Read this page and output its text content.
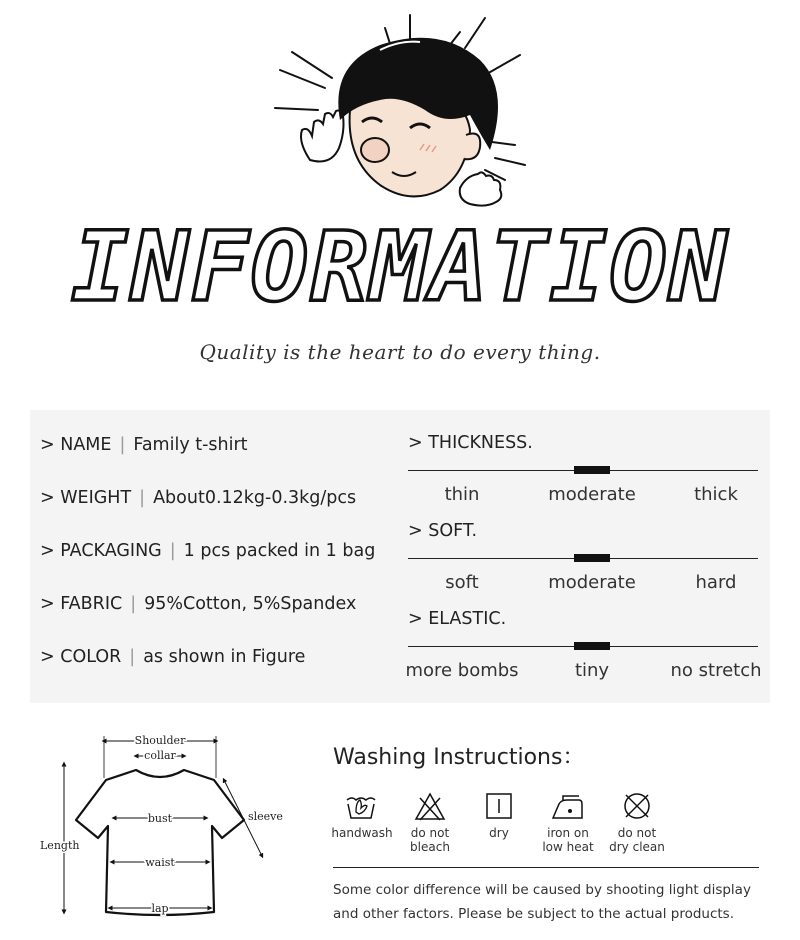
INFORMATION
Quality is the heart to do every thing.
> NAME | Family t-shirt
> WEIGHT | About0.12kg-0.3kg/pcs
> PACKAGING | 1 pcs packed in 1 bag
> FABRIC | 95%Cotton, 5%Spandex
> COLOR | as shown in Figure
> THICKNESS.
thin	moderate	thick
> SOFT.
soft	moderate	hard
> ELASTIC.
more bombs	tiny	no stretch
Shoulder
collar
Length
sleeve
bust
waist
lap
Washing Instructions：
handwash	do not
bleach
dry	iron on
low heat
do not
dry clean
Some color difference will be caused by shooting light display and other factors. Please be subject to the actual products.
